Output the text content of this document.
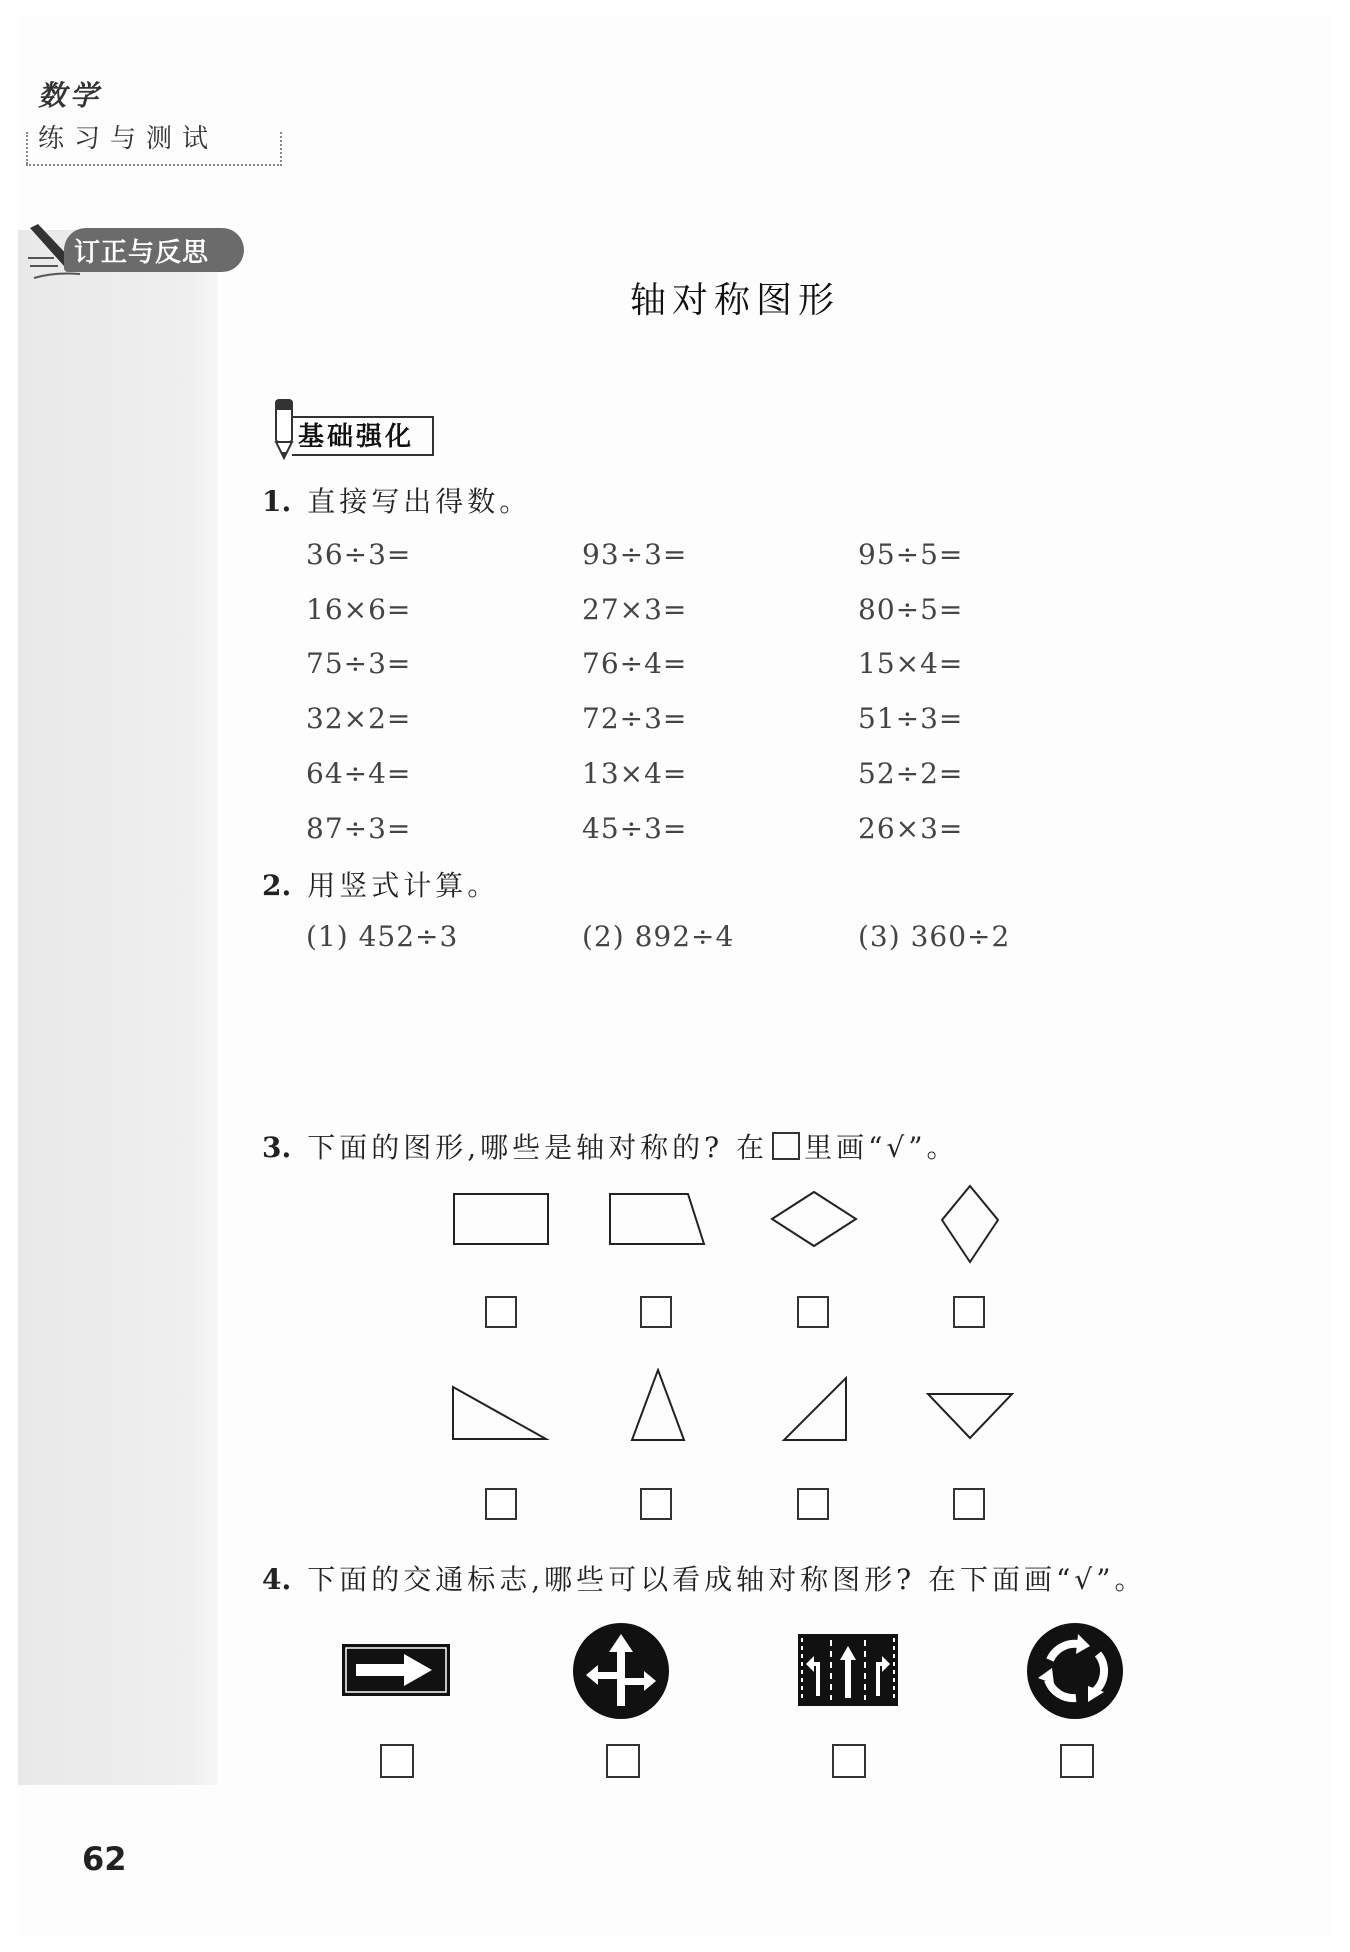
数学
练习与测试
订正与反思
轴对称图形
基础强化
1. 直接写出得数。
36÷3=	93÷3=	95÷5=
16×6=	27×3=	80÷5=
75÷3=	76÷4=	15×4=
32×2=	72÷3=	51÷3=
64÷4=	13×4=	52÷2=
87÷3=	45÷3=	26×3=
2. 用竖式计算。
(1) 452÷3	(2) 892÷4	(3) 360÷2
3. 下面的图形,哪些是轴对称的? 在 里画“√”。
4. 下面的交通标志,哪些可以看成轴对称图形? 在下面画“√”。
62
